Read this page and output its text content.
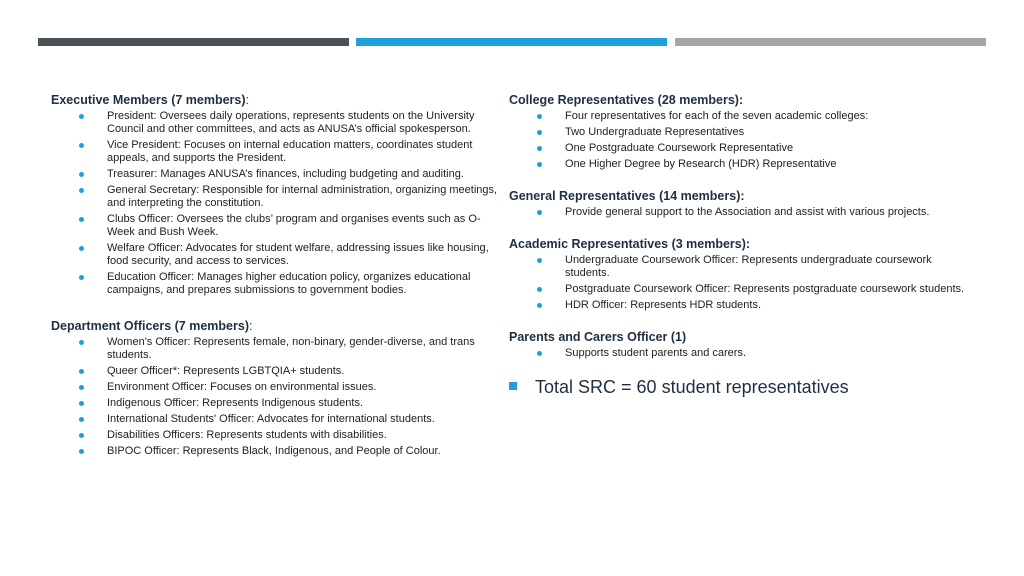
Executive Members (7 members):
President: Oversees daily operations, represents students on the University Council and other committees, and acts as ANUSA’s official spokesperson.
Vice President: Focuses on internal education matters, coordinates student appeals, and supports the President.
Treasurer: Manages ANUSA’s finances, including budgeting and auditing.
General Secretary: Responsible for internal administration, organizing meetings, and interpreting the constitution.
Clubs Officer: Oversees the clubs’ program and organises events such as O-Week and Bush Week.
Welfare Officer: Advocates for student welfare, addressing issues like housing, food security, and access to services.
Education Officer: Manages higher education policy, organizes educational campaigns, and prepares submissions to government bodies.
Department Officers (7 members):
Women's Officer: Represents female, non-binary, gender-diverse, and trans students.
Queer Officer*: Represents LGBTQIA+ students.
Environment Officer: Focuses on environmental issues.
Indigenous Officer: Represents Indigenous students.
International Students' Officer: Advocates for international students.
Disabilities Officers: Represents students with disabilities.
BIPOC Officer: Represents Black, Indigenous, and People of Colour.
College Representatives (28 members):
Four representatives for each of the seven academic colleges:
Two Undergraduate Representatives
One Postgraduate Coursework Representative
One Higher Degree by Research (HDR) Representative
General Representatives (14 members):
Provide general support to the Association and assist with various projects.
Academic Representatives (3 members):
Undergraduate Coursework Officer: Represents undergraduate coursework students.
Postgraduate Coursework Officer: Represents postgraduate coursework students.
HDR Officer: Represents HDR students.
Parents and Carers Officer (1)
Supports student parents and carers.
Total SRC = 60 student representatives
